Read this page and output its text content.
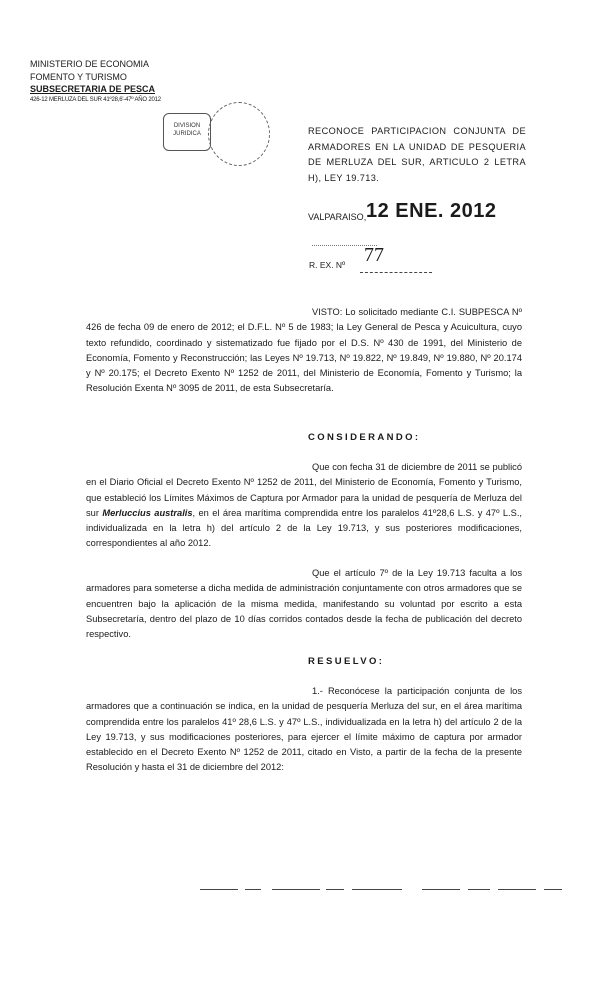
MINISTERIO DE ECONOMIA
FOMENTO Y TURISMO
SUBSECRETARIA DE PESCA
426-12 MERLUZA DEL SUR 41º28,6'-47º AÑO 2012
DIVISION
JURIDICA	RECONOCE PARTICIPACION CONJUNTA DE ARMADORES EN LA UNIDAD DE PESQUERIA DE MERLUZA DEL SUR, ARTICULO 2 LETRA H), LEY 19.713.
VALPARAISO, 12 ENE. 2012
R. EX. Nº 77
VISTO: Lo solicitado mediante C.I. SUBPESCA Nº 426 de fecha 09 de enero de 2012; el D.F.L. Nº 5 de 1983; la Ley General de Pesca y Acuicultura, cuyo texto refundido, coordinado y sistematizado fue fijado por el D.S. Nº 430 de 1991, del Ministerio de Economía, Fomento y Reconstrucción; las Leyes Nº 19.713, Nº 19.822, Nº 19.849, Nº 19.880, Nº 20.174 y Nº 20.175; el Decreto Exento Nº 1252 de 2011, del Ministerio de Economía, Fomento y Turismo; la Resolución Exenta Nº 3095 de 2011, de esta Subsecretaría.
CONSIDERANDO:
Que con fecha 31 de diciembre de 2011 se publicó en el Diario Oficial el Decreto Exento Nº 1252 de 2011, del Ministerio de Economía, Fomento y Turismo, que estableció los Límites Máximos de Captura por Armador para la unidad de pesquería de Merluza del sur Merluccius australis, en el área marítima comprendida entre los paralelos 41º28,6 L.S. y 47º L.S., individualizada en la letra h) del artículo 2 de la Ley 19.713, y sus posteriores modificaciones, correspondientes al año 2012.
Que el artículo 7º de la Ley 19.713 faculta a los armadores para someterse a dicha medida de administración conjuntamente con otros armadores que se encuentren bajo la aplicación de la misma medida, manifestando su voluntad por escrito a esta Subsecretaría, dentro del plazo de 10 días corridos contados desde la fecha de publicación del decreto respectivo.
RESUELVO:
1.- Reconócese la participación conjunta de los armadores que a continuación se indica, en la unidad de pesquería Merluza del sur, en el área marítima comprendida entre los paralelos 41º 28,6 L.S. y 47º L.S., individualizada en la letra h) del artículo 2 de la Ley 19.713, y sus modificaciones posteriores, para ejercer el límite máximo de captura por armador establecido en el Decreto Exento Nº 1252 de 2011, citado en Visto, a partir de la fecha de la presente Resolución y hasta el 31 de diciembre del 2012:
